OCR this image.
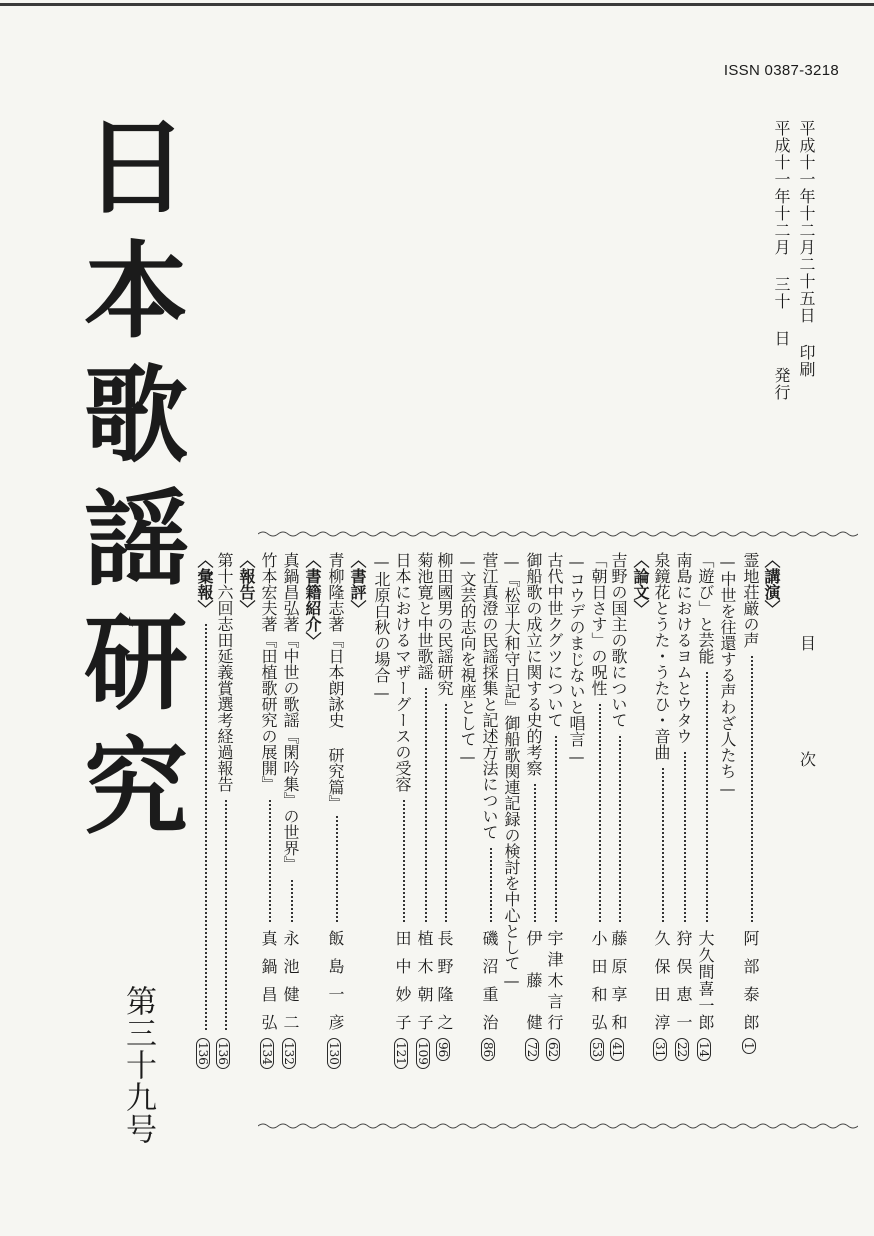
ISSN 0387-3218
平成十一年十二月二十五日 印刷
平成十一年十二月 三十 日 発行
日本歌謡研究
第三十九号
目
次
〈講演〉
霊地荘厳の声
阿部泰郎
1
—中世を往還する声わざ人たち—
「遊び」と芸能
大久間喜一郎
14
南島におけるヨムとウタウ
狩俣恵一
22
泉鏡花とうた・うたひ・音曲
久保田淳
31
〈論文〉
吉野の国主の歌について
藤原享和
41
「朝日さす」の呪性
小田和弘
53
—コウデのまじないと唱言—
古代中世クグツについて
宇津木言行
62
御船歌の成立に関する史的考察
伊藤健
72
—『松平大和守日記』御船歌関連記録の検討を中心として—
菅江真澄の民謡採集と記述方法について
磯沼重治
86
—文芸的志向を視座として—
柳田國男の民謡研究
長野隆之
96
菊池寛と中世歌謡
植木朝子
109
日本におけるマザーグースの受容
田中妙子
121
—北原白秋の場合—
〈書評〉
青柳隆志著『日本朗詠史 研究篇』
飯島一彦
130
〈書籍紹介〉
真鍋昌弘著『中世の歌謡『閑吟集』の世界』
永池健二
132
竹本宏夫著『田植歌研究の展開』
真鍋昌弘
134
〈報告〉
第十六回志田延義賞選考経過報告
136
〈彙報〉
136
